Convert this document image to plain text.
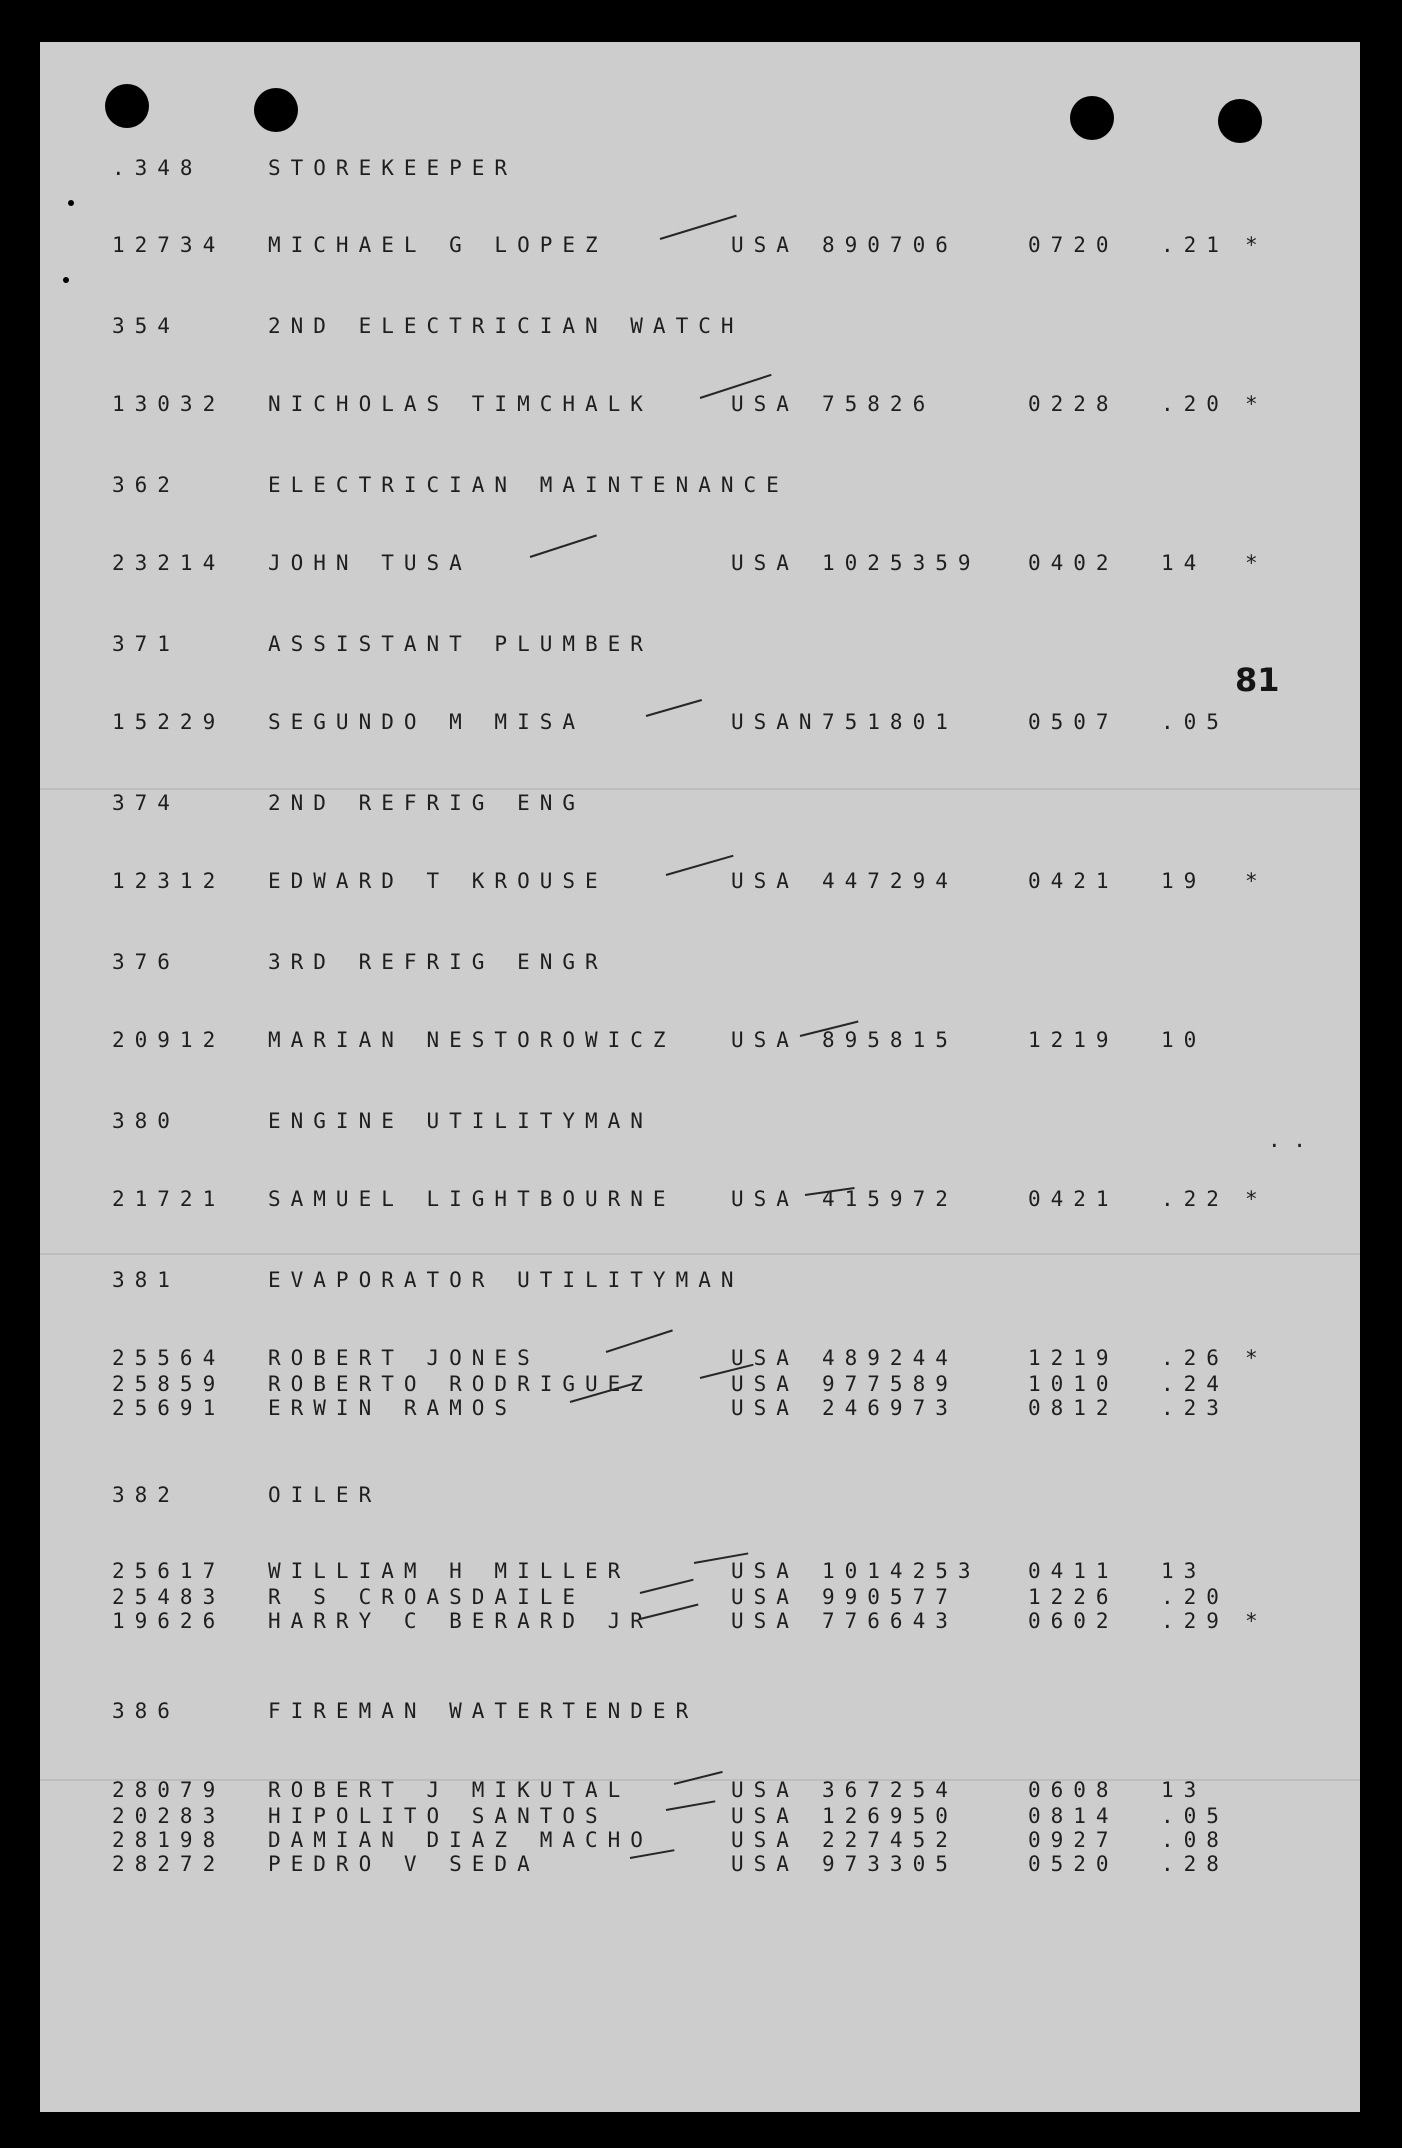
81
. .
.348	STOREKEEPER
12734 MICHAEL G LOPEZ	USA 890706	0720 .21 *
354	2ND ELECTRICIAN WATCH
13032 NICHOLAS TIMCHALK	USA 75826	0228 .20 *
362	ELECTRICIAN MAINTENANCE
23214 JOHN TUSA	USA 1025359 0402 14 *
371	ASSISTANT PLUMBER
15229 SEGUNDO M MISA	USAN 751801	0507 .05
374	2ND REFRIG ENG
12312 EDWARD T KROUSE	USA 447294	0421 19 *
376	3RD REFRIG ENGR
20912 MARIAN NESTOROWICZ	USA 895815	1219 10
380	ENGINE UTILITYMAN
21721 SAMUEL LIGHTBOURNE	USA 415972	0421 .22 *
381	EVAPORATOR UTILITYMAN
25564 ROBERT JONES	USA 489244	1219 .26 *
25859 ROBERTO RODRIGUEZ	USA 977589	1010 .24
25691 ERWIN RAMOS	USA 246973	0812 .23
382	OILER
25617 WILLIAM H MILLER	USA 1014253 0411 13
25483 R S CROASDAILE	USA 990577	1226 .20
19626 HARRY C BERARD JR	USA 776643	0602 .29 *
386	FIREMAN WATERTENDER
28079 ROBERT J MIKUTAL	USA 367254	0608 13
20283 HIPOLITO SANTOS	USA 126950	0814 .05
28198 DAMIAN DIAZ MACHO	USA 227452	0927 .08
28272 PEDRO V SEDA	USA 973305	0520 .28
